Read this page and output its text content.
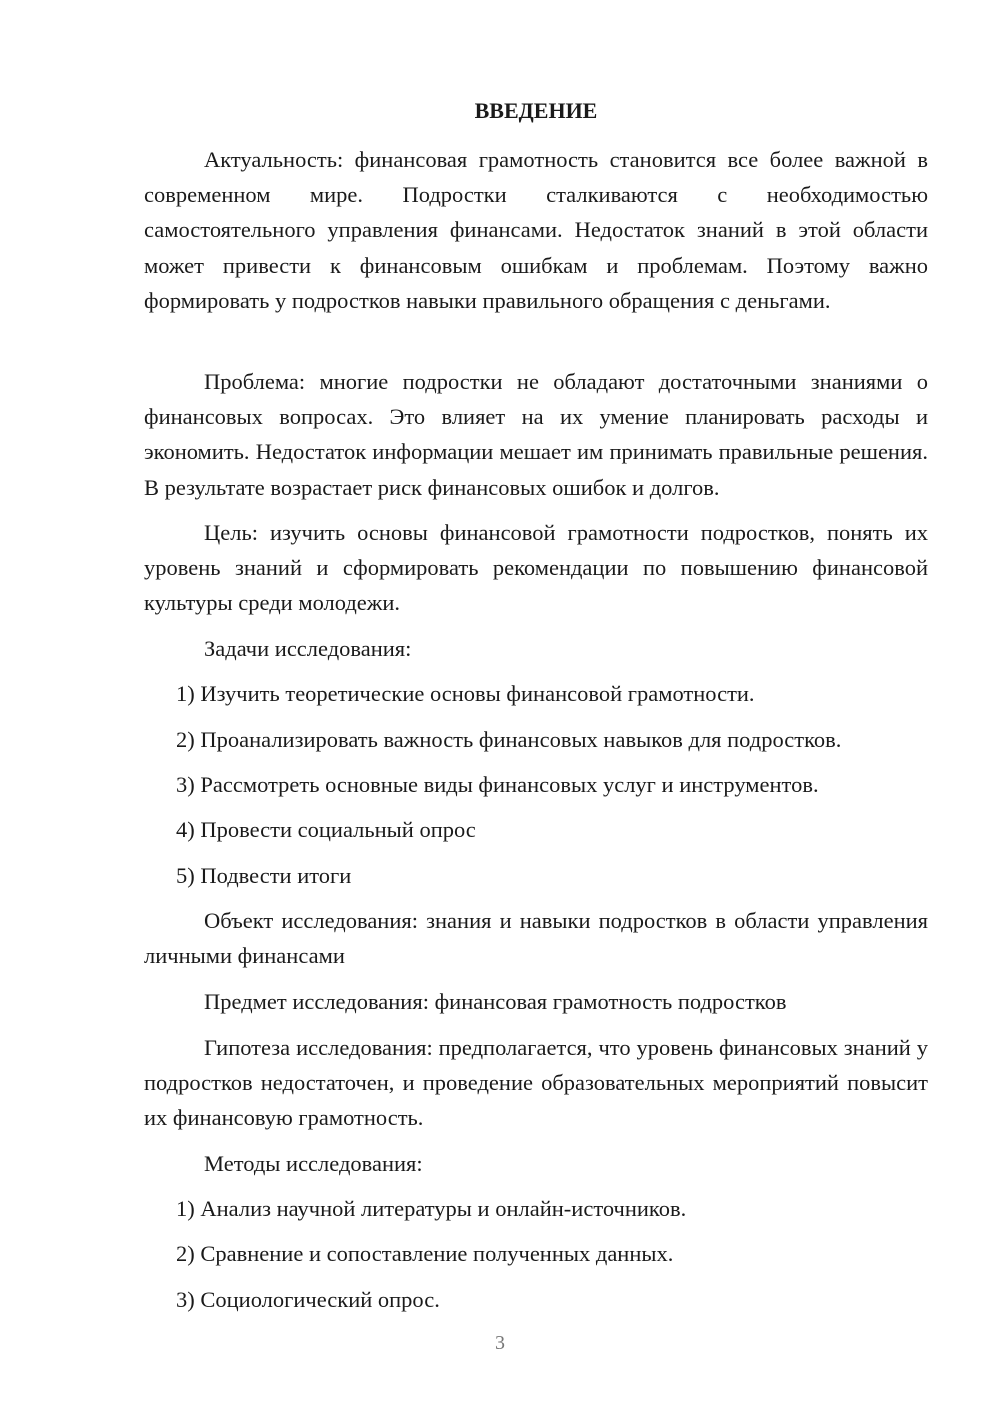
ВВЕДЕНИЕ

Актуальность: финансовая грамотность становится все более важной в современном мире. Подростки сталкиваются с необходимостью самостоятельного управления финансами. Недостаток знаний в этой области может привести к финансовым ошибкам и проблемам. Поэтому важно формировать у подростков навыки правильного обращения с деньгами.

Проблема: многие подростки не обладают достаточными знаниями о финансовых вопросах. Это влияет на их умение планировать расходы и экономить. Недостаток информации мешает им принимать правильные решения. В результате возрастает риск финансовых ошибок и долгов.

Цель: изучить основы финансовой грамотности подростков, понять их уровень знаний и сформировать рекомендации по повышению финансовой культуры среди молодежи.

Задачи исследования:

1) Изучить теоретические основы финансовой грамотности.

2) Проанализировать важность финансовых навыков для подростков.

3) Рассмотреть основные виды финансовых услуг и инструментов.

4) Провести социальный опрос

5) Подвести итоги

Объект исследования: знания и навыки подростков в области управления личными финансами

Предмет исследования: финансовая грамотность подростков

Гипотеза исследования: предполагается, что уровень финансовых знаний у подростков недостаточен, и проведение образовательных мероприятий повысит их финансовую грамотность.

Методы исследования:

1) Анализ научной литературы и онлайн-источников.

2) Сравнение и сопоставление полученных данных.

3) Социологический опрос.

3
